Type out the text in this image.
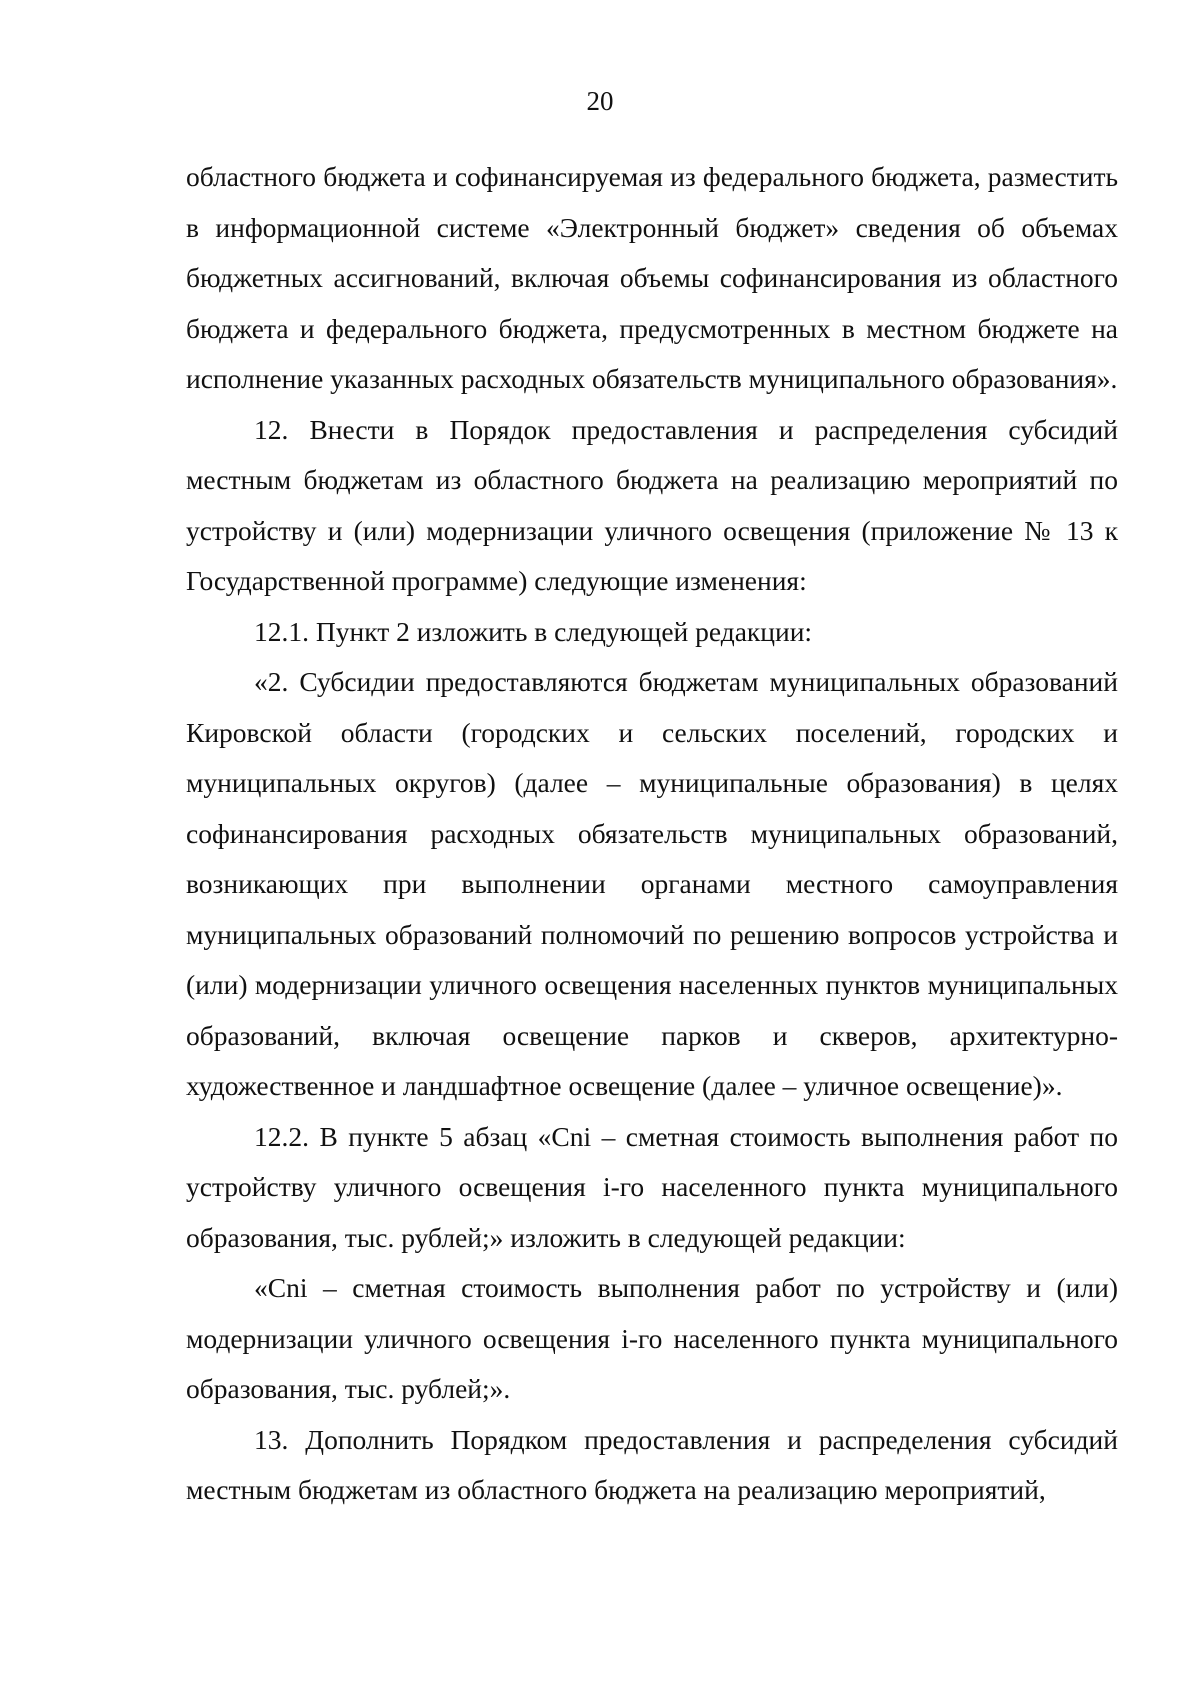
20

областного бюджета и софинансируемая из федерального бюджета, разместить в информационной системе «Электронный бюджет» сведения об объемах бюджетных ассигнований, включая объемы софинансирования из областного бюджета и федерального бюджета, предусмотренных в местном бюджете на исполнение указанных расходных обязательств муниципального образования».

12. Внести в Порядок предоставления и распределения субсидий местным бюджетам из областного бюджета на реализацию мероприятий по устройству и (или) модернизации уличного освещения (приложение № 13 к Государственной программе) следующие изменения:

12.1. Пункт 2 изложить в следующей редакции:

«2. Субсидии предоставляются бюджетам муниципальных образований Кировской области (городских и сельских поселений, городских и муниципальных округов) (далее – муниципальные образования) в целях софинансирования расходных обязательств муниципальных образований, возникающих при выполнении органами местного самоуправления муниципальных образований полномочий по решению вопросов устройства и (или) модернизации уличного освещения населенных пунктов муниципальных образований, включая освещение парков и скверов, архитектурно-художественное и ландшафтное освещение (далее – уличное освещение)».

12.2. В пункте 5 абзац «Cni – сметная стоимость выполнения работ по устройству уличного освещения i-го населенного пункта муниципального образования, тыс. рублей;» изложить в следующей редакции:

«Cni – сметная стоимость выполнения работ по устройству и (или) модернизации уличного освещения i-го населенного пункта муниципального образования, тыс. рублей;».

13. Дополнить Порядком предоставления и распределения субсидий местным бюджетам из областного бюджета на реализацию мероприятий,
